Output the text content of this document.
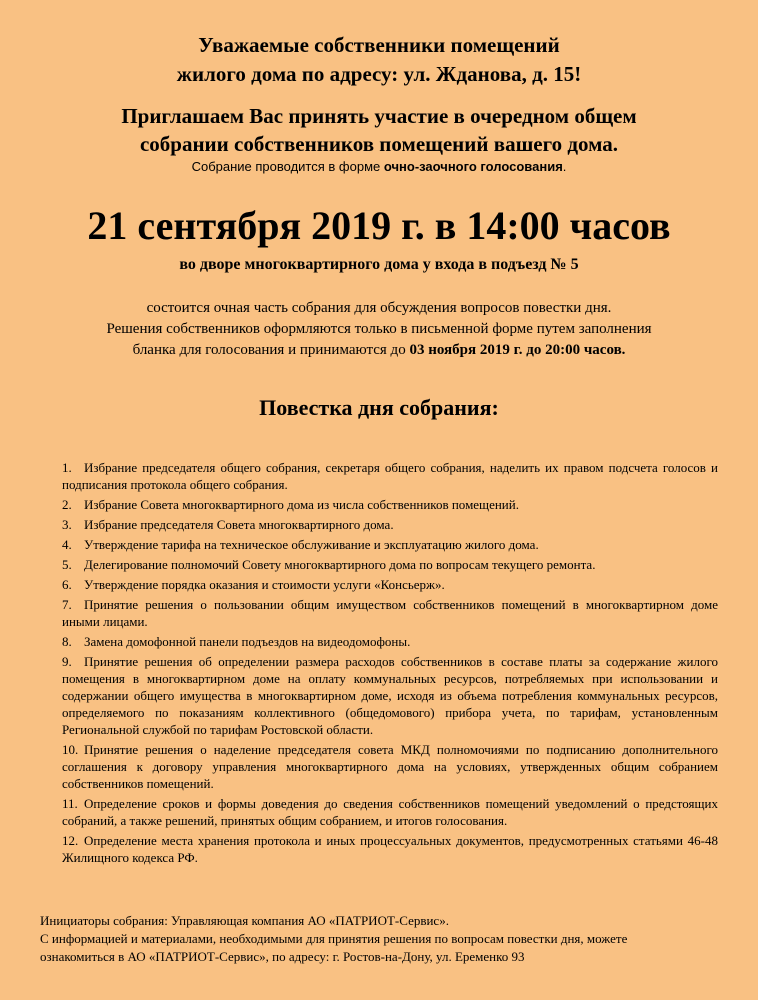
Уважаемые собственники помещений
жилого дома по адресу: ул. Жданова, д. 15!
Приглашаем Вас принять участие в очередном общем
собрании собственников помещений вашего дома.
Собрание проводится в форме очно-заочного голосования.
21 сентября 2019 г. в 14:00 часов
во дворе многоквартирного дома у входа в подъезд № 5
состоится очная часть собрания для обсуждения вопросов повестки дня.
Решения собственников оформляются только в письменной форме путем заполнения
бланка для голосования и принимаются до 03 ноября 2019 г. до 20:00 часов.
Повестка дня собрания:
1. Избрание председателя общего собрания, секретаря общего собрания, наделить их правом подсчета голосов и подписания протокола общего собрания.
2. Избрание Совета многоквартирного дома из числа собственников помещений.
3. Избрание председателя Совета многоквартирного дома.
4. Утверждение тарифа на техническое обслуживание и эксплуатацию жилого дома.
5. Делегирование полномочий Совету многоквартирного дома по вопросам текущего ремонта.
6. Утверждение порядка оказания и стоимости услуги «Консьерж».
7. Принятие решения о пользовании общим имуществом собственников помещений в многоквартирном доме иными лицами.
8. Замена домофонной панели подъездов на видеодомофоны.
9. Принятие решения об определении размера расходов собственников в составе платы за содержание жилого помещения в многоквартирном доме на оплату коммунальных ресурсов, потребляемых при использовании и содержании общего имущества в многоквартирном доме, исходя из объема потребления коммунальных ресурсов, определяемого по показаниям коллективного (общедомового) прибора учета, по тарифам, установленным Региональной службой по тарифам Ростовской области.
10. Принятие решения о наделение председателя совета МКД полномочиями по подписанию дополнительного соглашения к договору управления многоквартирного дома на условиях, утвержденных общим собранием собственников помещений.
11. Определение сроков и формы доведения до сведения собственников помещений уведомлений о предстоящих собраний, а также решений, принятых общим собранием, и итогов голосования.
12. Определение места хранения протокола и иных процессуальных документов, предусмотренных статьями 46-48 Жилищного кодекса РФ.
Инициаторы собрания: Управляющая компания АО «ПАТРИОТ-Сервис».
С информацией и материалами, необходимыми для принятия решения по вопросам повестки дня, можете
ознакомиться в АО «ПАТРИОТ-Сервис», по адресу: г. Ростов-на-Дону, ул. Еременко 93
